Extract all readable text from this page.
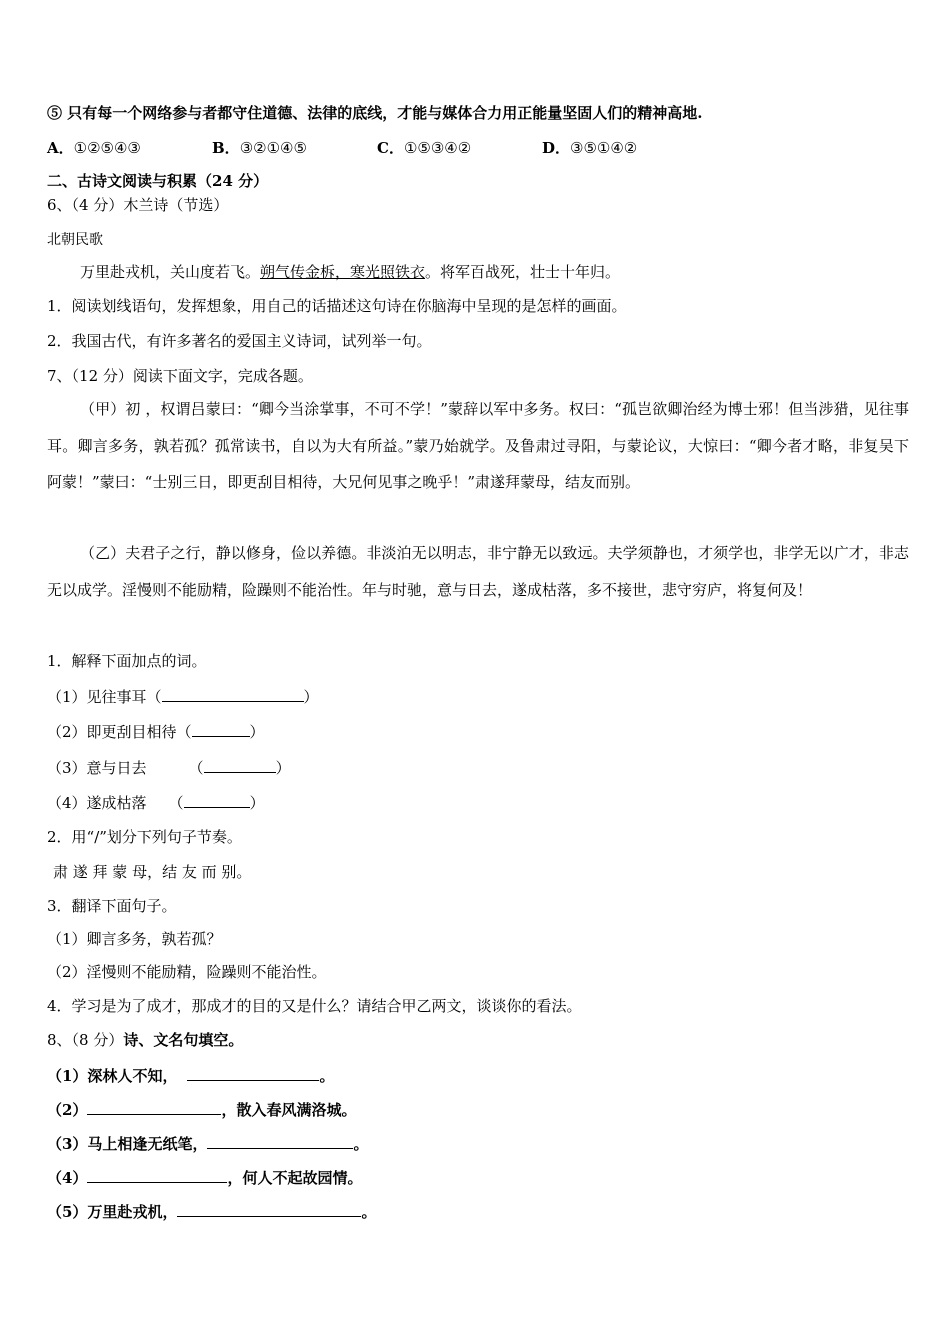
⑤ 只有每一个网络参与者都守住道德、法律的底线，才能与媒体合力用正能量坚固人们的精神高地.
A．①②⑤④③	B．③②①④⑤	C．①⑤③④②	D．③⑤①④②
二、古诗文阅读与积累（24 分）
6、（4 分）木兰诗（节选）
北朝民歌
万里赴戎机，关山度若飞。朔气传金柝，寒光照铁衣。将军百战死，壮士十年归。
1．阅读划线语句，发挥想象，用自己的话描述这句诗在你脑海中呈现的是怎样的画面。
2．我国古代，有许多著名的爱国主义诗词，试列举一句。
7、（12 分）阅读下面文字，完成各题。
（甲）初 ，权谓吕蒙曰：“卿今当涂掌事，不可不学！”蒙辞以军中多务。权曰：“孤岂欲卿治经为博士邪！但当涉猎，见往事耳。卿言多务，孰若孤？孤常读书，自以为大有所益。”蒙乃始就学。及鲁肃过寻阳，与蒙论议，大惊曰：“卿今者才略，非复吴下阿蒙！”蒙曰：“士别三日，即更刮目相待，大兄何见事之晚乎！”肃遂拜蒙母，结友而别。
（乙）夫君子之行，静以修身，俭以养德。非淡泊无以明志，非宁静无以致远。夫学须静也，才须学也，非学无以广才，非志无以成学。淫慢则不能励精，险躁则不能治性。年与时驰，意与日去，遂成枯落，多不接世，悲守穷庐，将复何及！
1．解释下面加点的词。
（1）见往事耳（	）
（2）即更刮目相待（	）
（3）意与日去	（	）
（4）遂成枯落 （	）
2．用“/”划分下列句子节奏。
肃 遂 拜 蒙 母，结 友 而 别。
3．翻译下面句子。
（1）卿言多务，孰若孤？
（2）淫慢则不能励精，险躁则不能治性。
4．学习是为了成才，那成才的目的又是什么？请结合甲乙两文，谈谈你的看法。
8、（8 分）诗、文名句填空。
（1）深林人不知，	。
（2）	，散入春风满洛城。
（3）马上相逢无纸笔，	。
（4）	，何人不起故园情。
（5）万里赴戎机，	。
